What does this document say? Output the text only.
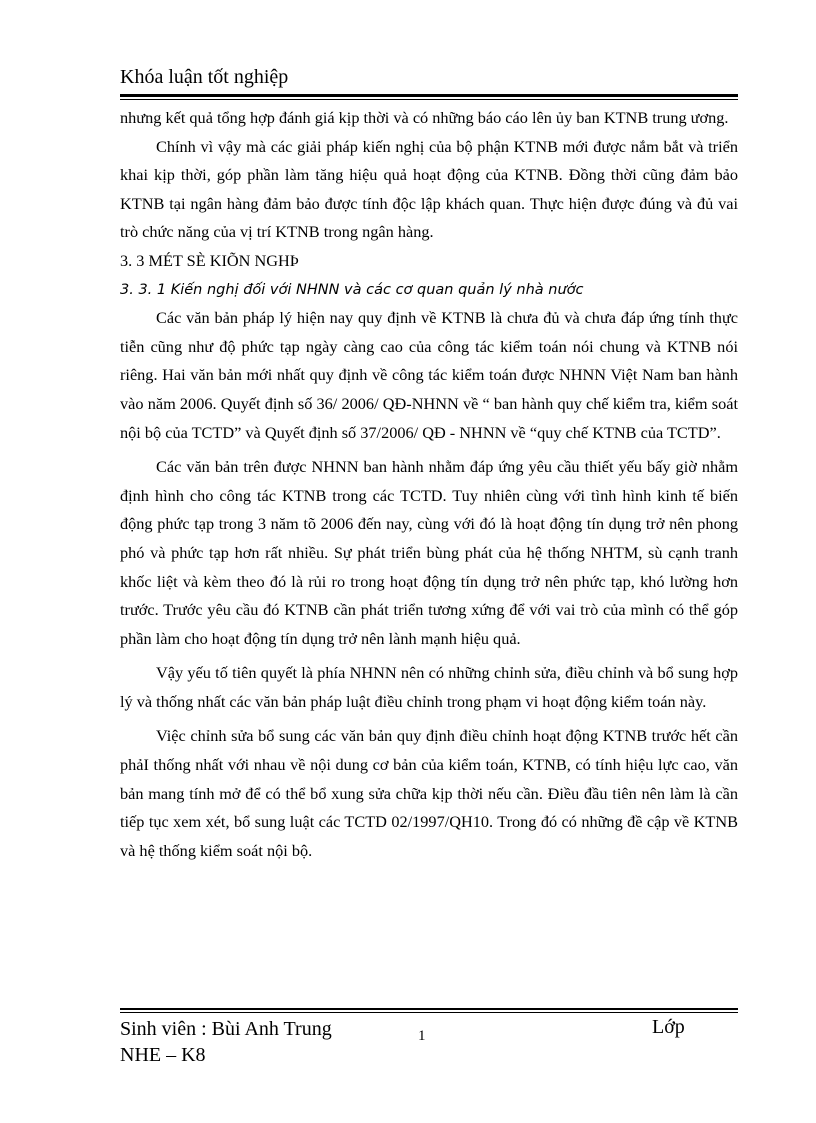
Khóa luận tốt nghiệp

nhưng kết quả tổng hợp đánh giá kịp thời và có những báo cáo lên ủy ban KTNB trung ương.

Chính vì vậy mà các giải pháp kiến nghị của bộ phận KTNB mới được nắm bắt và triển khai kịp thời, góp phần làm tăng hiệu quả hoạt động của KTNB. Đồng thời cũng đảm bảo KTNB tại ngân hàng đảm bảo được tính độc lập khách quan. Thực hiện được đúng và đủ vai trò chức năng của vị trí KTNB trong ngân hàng.

3. 3 MÉT SÈ KIÕN NGHÞ

3. 3. 1 Kiến nghị đối với NHNN và các cơ quan quản lý nhà nước

Các văn bản pháp lý hiện nay quy định về KTNB là chưa đủ và chưa đáp ứng tính thực tiễn cũng như độ phức tạp ngày càng cao của công tác kiểm toán nói chung và KTNB nói riêng. Hai văn bản mới nhất quy định về công tác kiểm toán được NHNN Việt Nam ban hành vào năm 2006. Quyết định số 36/ 2006/ QĐ-NHNN về “ ban hành quy chế kiểm tra, kiểm soát nội bộ của TCTD” và Quyết định số 37/2006/ QĐ - NHNN về “quy chế KTNB của TCTD”.

Các văn bản trên được NHNN ban hành nhằm đáp ứng yêu cầu thiết yếu bấy giờ nhằm định hình cho công tác KTNB trong các TCTD. Tuy nhiên cùng với tình hình kinh tế biến động phức tạp trong 3 năm tõ 2006 đến nay, cùng với đó là hoạt động tín dụng trở nên phong phó và phức tạp hơn rất nhiều. Sự phát triển bùng phát của hệ thống NHTM, sù cạnh tranh khốc liệt và kèm theo đó là rủi ro trong hoạt động tín dụng trở nên phức tạp, khó lường hơn trước. Trước yêu cầu đó KTNB cần phát triển tương xứng để với vai trò của mình có thể góp phần làm cho hoạt động tín dụng trở nên lành mạnh hiệu quả.

Vậy yếu tố tiên quyết là phía NHNN nên có những chỉnh sửa, điều chỉnh và bổ sung hợp lý và thống nhất các văn bản pháp luật điều chỉnh trong phạm vi hoạt động kiểm toán này.

Việc chỉnh sửa bổ sung các văn bản quy định điều chỉnh hoạt động KTNB trước hết cần phảI thống nhất với nhau về nội dung cơ bản của kiểm toán, KTNB, có tính hiệu lực cao, văn bản mang tính mở để có thể bổ xung sửa chữa kịp thời nếu cần. Điều đầu tiên nên làm là cần tiếp tục xem xét, bổ sung luật các TCTD 02/1997/QH10. Trong đó có những đề cập về KTNB và hệ thống kiểm soát nội bộ.

Sinh viên : Bùi Anh Trung
NHE – K8
1	Lớp
